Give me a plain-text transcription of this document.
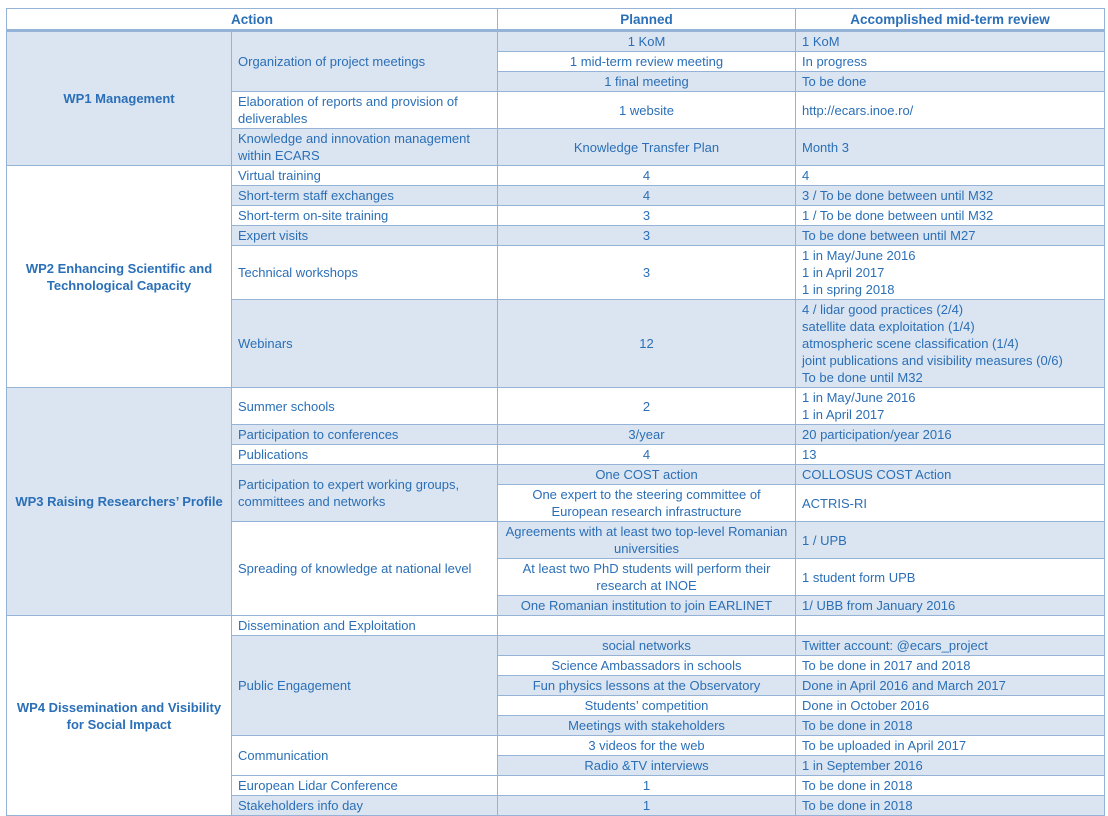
Action		Planned	Accomplished mid-term review
WP1 Management	Organization of project meetings	1 KoM	1 KoM
		1 mid-term review meeting	In progress
		1 final meeting	To be done
	Elaboration of reports and provision of deliverables	1 website	http://ecars.inoe.ro/
	Knowledge and innovation management within ECARS	Knowledge Transfer Plan	Month 3
WP2 Enhancing Scientific and Technological Capacity	Virtual training	4	4
	Short-term staff exchanges	4	3 / To be done between until M32
	Short-term on-site training	3	1 / To be done between until M32
	Expert visits	3	To be done between until M27
	Technical workshops	3	1 in May/June 2016
1 in April 2017
1 in spring 2018
	Webinars	12	4 / lidar good practices (2/4)
satellite data exploitation (1/4)
atmospheric scene classification (1/4)
joint publications and visibility measures (0/6)
To be done until M32
WP3 Raising Researchers’ Profile	Summer schools	2	1 in May/June 2016
1 in April 2017
	Participation to conferences	3/year	20 participation/year 2016
	Publications	4	13
	Participation to expert working groups, committees and networks	One COST action	COLLOSUS COST Action
		One expert to the steering committee of European research infrastructure	ACTRIS-RI
	Spreading of knowledge at national level	Agreements with at least two top-level Romanian universities	1 / UPB
		At least two PhD students will perform their research at INOE	1 student form UPB
		One Romanian institution to join EARLINET	1/ UBB from January 2016
WP4 Dissemination and Visibility for Social Impact	Dissemination and Exploitation		
	Public Engagement	social networks	Twitter account: @ecars_project
		Science Ambassadors in schools	To be done in 2017 and 2018
		Fun physics lessons at the Observatory	Done in April 2016 and March 2017
		Students’ competition	Done in October 2016
		Meetings with stakeholders	To be done in 2018
	Communication	3 videos for the web	To be uploaded in April 2017
		Radio &TV interviews	1 in September 2016
	European Lidar Conference	1	To be done in 2018
	Stakeholders info day	1	To be done in 2018
